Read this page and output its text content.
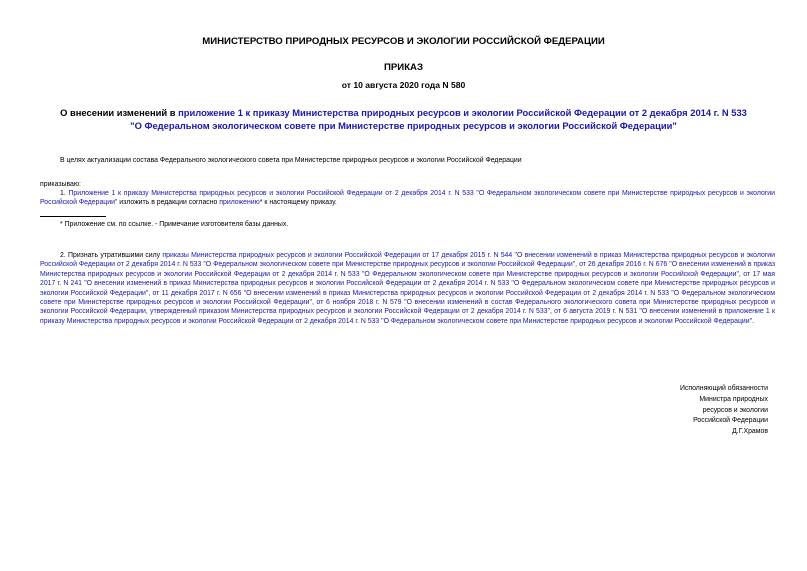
МИНИСТЕРСТВО ПРИРОДНЫХ РЕСУРСОВ И ЭКОЛОГИИ РОССИЙСКОЙ ФЕДЕРАЦИИ
ПРИКАЗ
от 10 августа 2020 года N 580
О внесении изменений в приложение 1 к приказу Министерства природных ресурсов и экологии Российской Федерации от 2 декабря 2014 г. N 533 "О Федеральном экологическом совете при Министерстве природных ресурсов и экологии Российской Федерации"
В целях актуализации состава Федерального экологического совета при Министерстве природных ресурсов и экологии Российской Федерации
приказываю:
1. Приложение 1 к приказу Министерства природных ресурсов и экологии Российской Федерации от 2 декабря 2014 г. N 533 "О Федеральном экологическом совете при Министерстве природных ресурсов и экологии Российской Федерации" изложить в редакции согласно приложению* к настоящему приказу.
* Приложение см. по ссылке. - Примечание изготовителя базы данных.
2. Признать утратившими силу приказы Министерства природных ресурсов и экологии Российской Федерации от 17 декабря 2015 г. N 544 "О внесении изменений в приказ Министерства природных ресурсов и экологии Российской Федерации от 2 декабря 2014 г. N 533 "О Федеральном экологическом совете при Министерстве природных ресурсов и экологии Российской Федерации", от 26 декабря 2016 г. N 676 "О внесении изменений в приказ Министерства природных ресурсов и экологии Российской Федерации от 2 декабря 2014 г. N 533 "О Федеральном экологическом совете при Министерстве природных ресурсов и экологии Российской Федерации", от 17 мая 2017 г. N 241 "О внесении изменений в приказ Министерства природных ресурсов и экологии Российской Федерации от 2 декабря 2014 г. N 533 "О Федеральном экологическом совете при Министерстве природных ресурсов и экологии Российской Федерации", от 11 декабря 2017 г. N 656 "О внесении изменений в приказ Министерства природных ресурсов и экологии Российской Федерации от 2 декабря 2014 г. N 533 "О Федеральном экологическом совете при Министерстве природных ресурсов и экологии Российской Федерации", от 6 ноября 2018 г. N 579 "О внесении изменений в состав Федерального экологического совета при Министерстве природных ресурсов и экологии Российской Федерации, утвержденный приказом Министерства природных ресурсов и экологии Российской Федерации от 2 декабря 2014 г. N 533", от 6 августа 2019 г. N 531 "О внесении изменений в приложение 1 к приказу Министерства природных ресурсов и экологии Российской Федерации от 2 декабря 2014 г. N 533 "О Федеральном экологическом совете при Министерстве природных ресурсов и экологии Российской Федерации".
Исполняющий обязанности
Министра природных
ресурсов и экологии
Российской Федерации
Д.Г.Храмов
